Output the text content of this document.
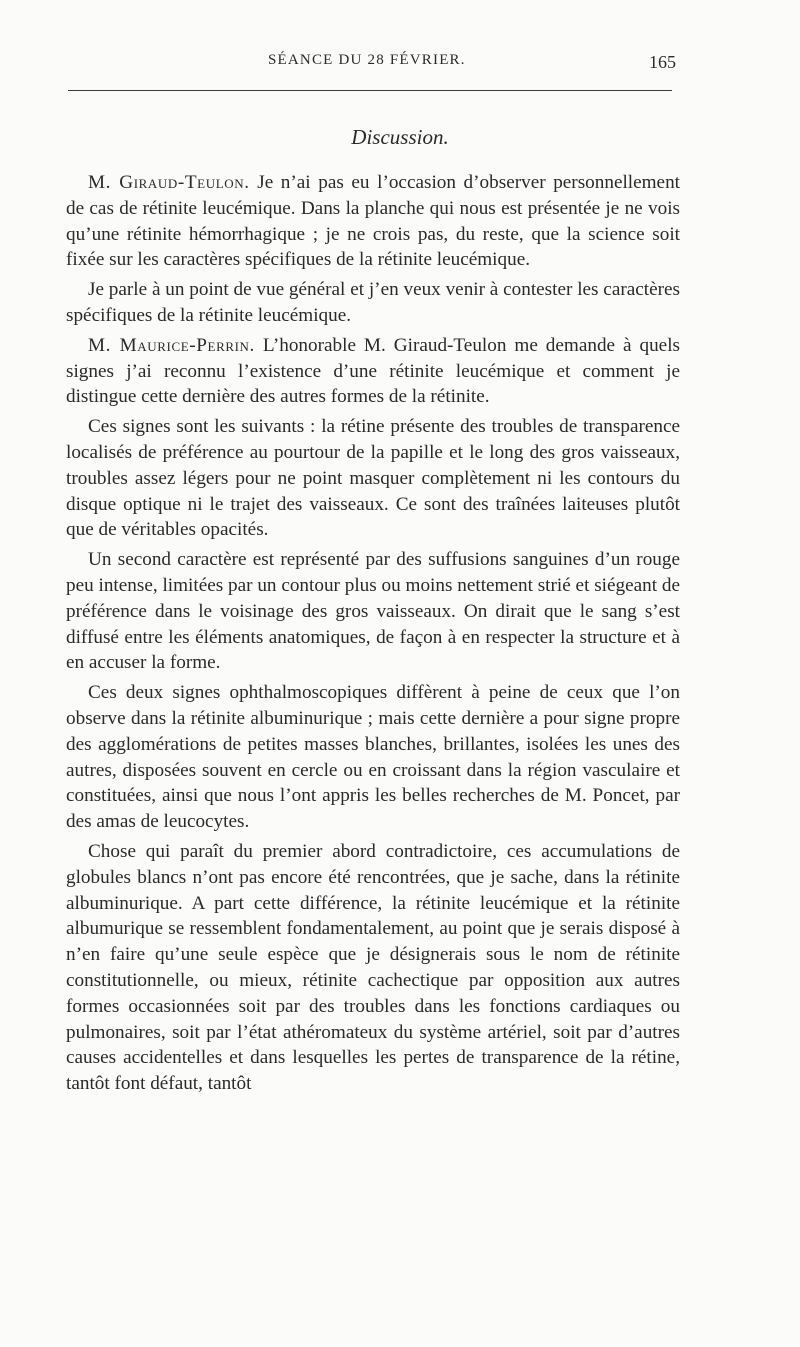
SÉANCE DU 28 FÉVRIER.	165
Discussion.

M. Giraud-Teulon. Je n’ai pas eu l’occasion d’observer personnellement de cas de rétinite leucémique. Dans la planche qui nous est présentée je ne vois qu’une rétinite hémorrhagique ; je ne crois pas, du reste, que la science soit fixée sur les caractères spécifiques de la rétinite leucémique.

Je parle à un point de vue général et j’en veux venir à contester les caractères spécifiques de la rétinite leucémique.

M. Maurice-Perrin. L’honorable M. Giraud-Teulon me demande à quels signes j’ai reconnu l’existence d’une rétinite leucémique et comment je distingue cette dernière des autres formes de la rétinite.

Ces signes sont les suivants : la rétine présente des troubles de transparence localisés de préférence au pourtour de la papille et le long des gros vaisseaux, troubles assez légers pour ne point masquer complètement ni les contours du disque optique ni le trajet des vaisseaux. Ce sont des traînées laiteuses plutôt que de véritables opacités.

Un second caractère est représenté par des suffusions sanguines d’un rouge peu intense, limitées par un contour plus ou moins nettement strié et siégeant de préférence dans le voisinage des gros vaisseaux. On dirait que le sang s’est diffusé entre les éléments anatomiques, de façon à en respecter la structure et à en accuser la forme.

Ces deux signes ophthalmoscopiques diffèrent à peine de ceux que l’on observe dans la rétinite albuminurique ; mais cette dernière a pour signe propre des agglomérations de petites masses blanches, brillantes, isolées les unes des autres, disposées souvent en cercle ou en croissant dans la région vasculaire et constituées, ainsi que nous l’ont appris les belles recherches de M. Poncet, par des amas de leucocytes.

Chose qui paraît du premier abord contradictoire, ces accumulations de globules blancs n’ont pas encore été rencontrées, que je sache, dans la rétinite albuminurique. A part cette différence, la rétinite leucémique et la rétinite albumurique se ressemblent fondamentalement, au point que je serais disposé à n’en faire qu’une seule espèce que je désignerais sous le nom de rétinite constitutionnelle, ou mieux, rétinite cachectique par opposition aux autres formes occasionnées soit par des troubles dans les fonctions cardiaques ou pulmonaires, soit par l’état athéromateux du système artériel, soit par d’autres causes accidentelles et dans lesquelles les pertes de transparence de la rétine, tantôt font défaut, tantôt
